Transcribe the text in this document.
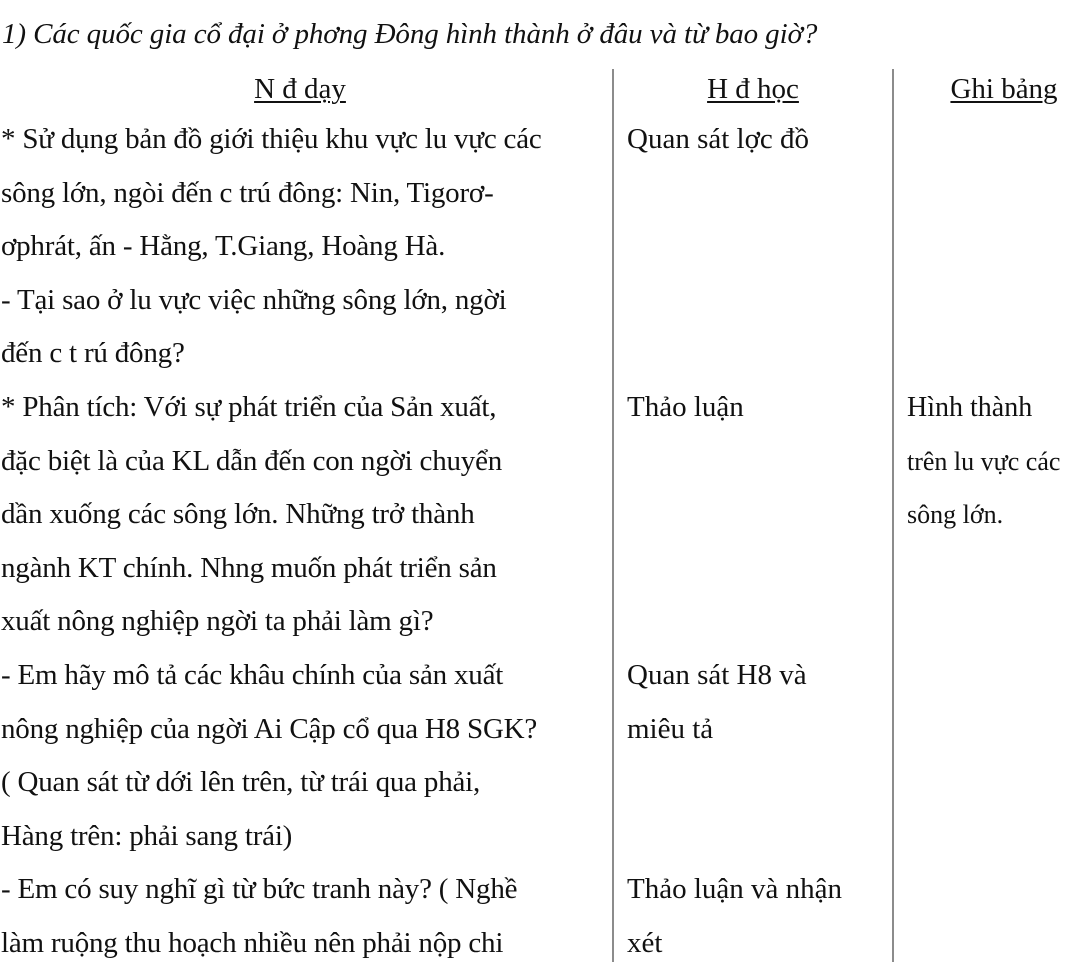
1) Các quốc gia cổ đại ở phơng Đông hình thành ở đâu và từ bao giờ?
N đ dạy	H đ học	Ghi bảng
* Sử dụng bản đồ giới thiệu khu vực lu vực các
sông lớn, ngòi đến c trú đông: Nin, Tigorơ-
ơphrát, ấn - Hằng, T.Giang, Hoàng Hà.
- Tại sao ở lu vực việc những sông lớn, ngời
đến c t rú đông?
* Phân tích: Với sự phát triển của Sản xuất,
đặc biệt là của KL dẫn đến con ngời chuyển
dần xuống các sông lớn. Những trở thành
ngành KT chính. Nhng muốn phát triển sản
xuất nông nghiệp ngời ta phải làm gì?
- Em hãy mô tả các khâu chính của sản xuất
nông nghiệp của ngời Ai Cập cổ qua H8 SGK?
( Quan sát từ dới lên trên, từ trái qua phải,
Hàng trên: phải sang trái)
- Em có suy nghĩ gì từ bức tranh này? ( Nghề
làm ruộng thu hoạch nhiều nên phải nộp chi
Quan sát lợc đồ
Thảo luận
Quan sát H8 và
miêu tả
Thảo luận và nhận
xét
Hình thành
trên lu vực các
sông lớn.
